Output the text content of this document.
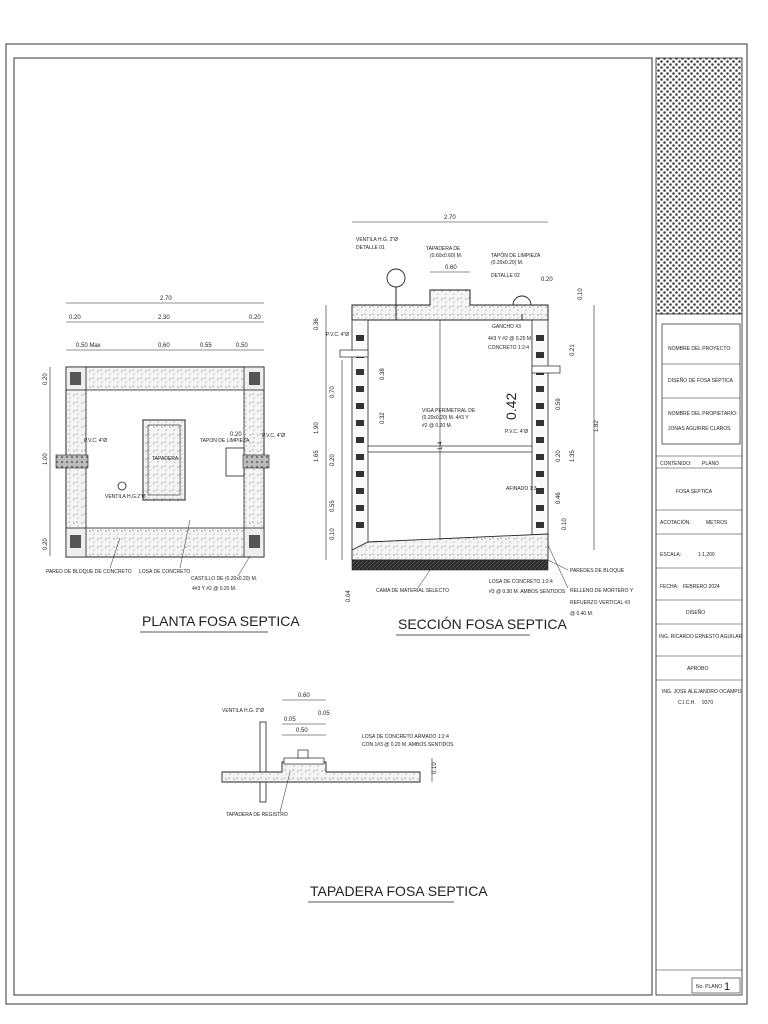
2.70
0.20	2.30	0.20
0.50 Max	0.60	0.55	0.50
0.20
1.00
0.20
TAPADERA
P.V.C. 4"Ø
P.V.C. 4"Ø
TAPON DE LIMPIEZA
VENTILA H.G.2"Ø
0.20
PARED DE BLOQUE DE CONCRETO LOSA DE CONCRETO
CASTILLO DE (0.20x0.20) M.
4#3 Y #2 @ 0.20 M.
PLANTA FOSA SEPTICA
2.70
VENTILA H.G. 2"Ø
DETALLE 01	TAPADERA DE
(0.60x0.60) M.
0.60
TAPÓN DE LIMPIEZA
(0.20x0.20) M.
DETALLE 02
0.20
0.10
0.36
1.90
1.65
0.70
0.20
0.55
0.10
0.04
0.38
0.32
P.V.C. 4"Ø
1.82
0.21
0.59
0.20 1.35
0.46
0.10
0.42
1.4
GANCHO #3
4#3 Y #2 @ 0.25 M.
CONCRETO 1:2:4
P.V.C. 4"Ø
VIGA PERIMETRAL DE
(0.20x0.20) M. 4#3 Y
#2 @ 0.20 M.
AFINADO 1:3
PAREDES DE BLOQUE
CAMA DE MATERIAL SELECTO
LOSA DE CONCRETO 1:2:4
#3 @ 0.30 M. AMBOS SENTIDOS RELLENO DE MORTERO Y
REFUERZO VERTICAL #3
@ 0.40 M.
SECCIÓN FOSA SEPTICA
0.60
0.05
0.05
0.50
VENTILA H.G. 2"Ø
LOSA DE CONCRETO ARMADO 1:2:4
CON 1#3 @ 0.20 M. AMBOS SENTIDOS
0.10
TAPADERA DE REGISTRO
TAPADERA FOSA SEPTICA
NOMBRE DEL PROYECTO:
DISEÑO DE FOSA SÉPTICA
NOMBRE DEL PROPIETARIO:
JONAS AGUIRRE CLAROS
CONTENIDO: PLANO
FOSA SEPTICA
ACOTACIÓN:	METROS
ESCALA:	1:1,200
FECHA: FEBRERO 2024
DISEÑO
ING. RICARDO ERNESTO AGUILAR
APROBO
ING. JOSE ALEJANDRO OCAMPO
C.I.C.H. 9370
No. PLANO 1
